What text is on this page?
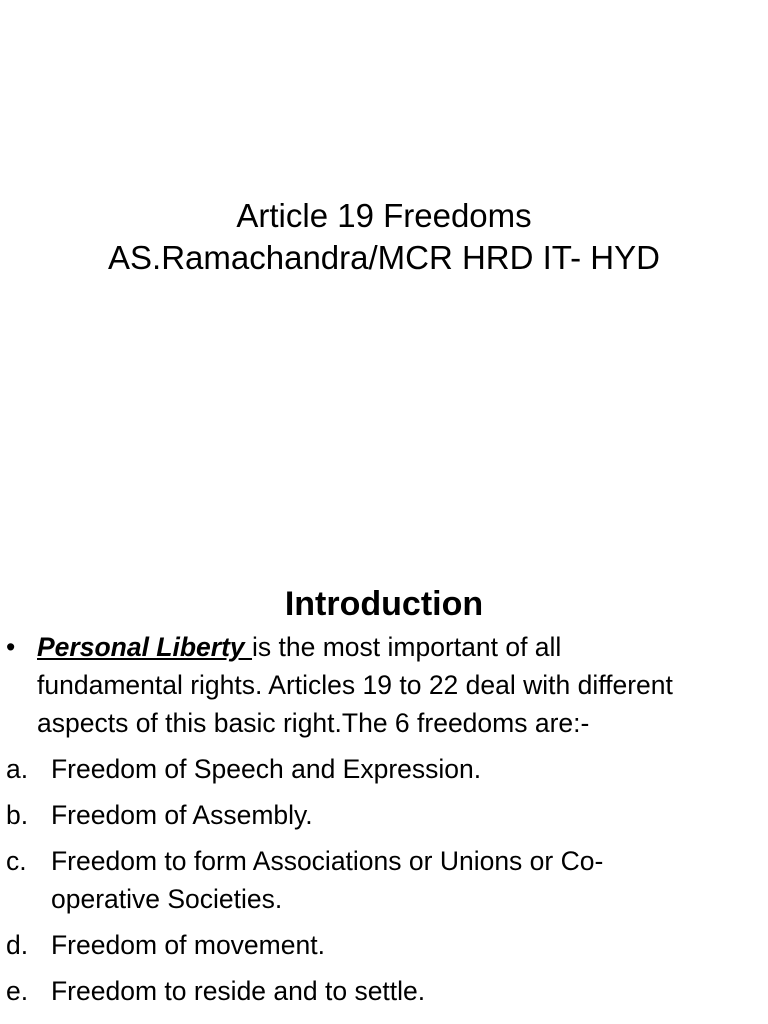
Article 19 Freedoms
AS.Ramachandra/MCR HRD IT- HYD
Introduction
• Personal Liberty is the most important of all
fundamental rights. Articles 19 to 22 deal with different
aspects of this basic right.The 6 freedoms are:-
a. Freedom of Speech and Expression.
b. Freedom of Assembly.
c. Freedom to form Associations or Unions or Co-
operative Societies.
d. Freedom of movement.
e. Freedom to reside and to settle.
